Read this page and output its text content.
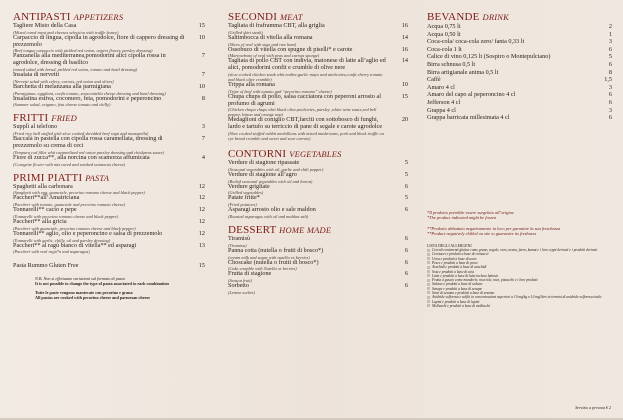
ANTIPASTI APPETIZERS
Tagliere Misto della Casa
(Mixed cured meat and cheeses selection with truffle honey)
15
Carpaccio di lingua, cipolla in agrodolce, fiore di cappero dressing di prezzemolo
(Beef tongue carpaccio with pickled red onion, capers flower, parsley dressing)
10
Panzanella alla mediterranea,pomodorini alici cipolla rossa in agrodolce, dressing di basilico
(mixed salad with bread, pickled red onion, tomato and basil dressing)
7
Insalata di nervetti
(Nervetti salad with celery, carrots, red onion and olives)
7
Barchetta di melanzana alla parmigiana
(Parmigiana, eggplant, confit tomato, stracciatella cheese dressing and basil dressing)
10
Insalatina estiva, cocomero, feta, pomodorini e peperoncino
(Summer salad, origano, feta cheese tomato and chilly)
8
FRITTI FRIED
Supplì al telefono
(Fried rice ball stuffed with slow cooked shredded beef ragù and mozzarella)
3
Baccalà in pastella con cipolla rossa caramellata, dressing di prezzemolo su crema di ceci
(Tempura cod fillet whit caramelized red onion parsley dressing and chickpeas sauce)
7
Fiore di zucca**, alla norcina con scamorza affumicata
(Courgette flower with miz cured and smoked scamorza cheese)
4
PRIMI PIATTI PASTA
Spaghetti alla carbonara
(Spaghetti with egg, guanciale, pecorino romano cheese and black pepper)
12
Paccheri**all’Amatriciana
(Paccheri with tomato, guanciale and pecorino romano cheese)
12
Tonnarelli** cacio e pepe
(Tonnarelli with pecorino romano cheese and black pepper)
12
Paccheri** alla gricia
(Paccheri with guanciale, pecorino romano cheese and black pepper)
12
Tonnarelli** aglio, olio e peperoncino e salsa di prezzemolo
(Tonnarelli with garlic, chilly, oil and parsley dressing)
12
Paccheri** al ragù bianco di vitella** ed asparagi
(Paccheri with veal ragù*n and asparagus)
13
Pasta Rummo Gluten Free	15
N.B. Non si effettuano variazioni sul formato di pasta
It is not possible to change the type of pasta associated to each combination
Tutte le paste vengono mantecate con pecorino e grana
All pastas are cooked with pecorino cheese and parmesan cheese
SECONDI MEAT
Tagliata di fraframma CBT, alla griglia
(Grilled skirt steak)
16
Saltimbocca di vitella alla romana
(Slices of veal with sage and raw ham)
14
Ossobuco di vitella con spugne di piselli* e carote
(Marrowbone of veal with peas and carrots sponge)
16
Tagliata di pollo CBT con indivia, maionese di latte all’aglio ed alici, pomodorini confit e crumble di olive nere
(slow cooked chicken steak whit endive,garlic mayo and anchovies,confit cherry tomato and black olive crumble)
14
Trippa alla romana
(Tripe of beef with tomato and “pecorino romano” cheese)
10
Chupa chups di pollo, salsa cacciatora con peperoni arrosto al profumo di agrumi
(Chicken chupa chups whit black olive,anchovies, parsley ,white wine sauce,red bell pepper, lemon and orange zest)
15
Medaglioni di coniglio CBT,farciti con sottobosco di funghi, lardo e tartufo su terriccio di pane di segale e carote agrodolce
(Slow cooked stuffed rabbit medallions with mixed mushrooms, pork and black truffle on rye bread crumble and sweet and sour carrots)
20
CONTORNI VEGETABLES
Verdure di stagione ripassate
(Seasonal vegetables with oil, garlic and chili pepper)
5
Verdure di stagione all’agro
(Boiled seasonal vegetables with oil and lemon)
5
Verdure grigliate
(Grilled vegetables)
6
Patate fritte*
(Fried potatoes)
5
Asparagi arrosto olio e sale maldon
(Roasted asparagus with oil and maldon salt)
6
DESSERT HOME MADE
Tiramisù
(Tiramisu)
6
Panna cotta (nutella o frutti di bosco*)
(cream milk and sugar with nutella or berries)
6
Choscake (nutella o frutti di bosco*)
(Cake crumble with Nutella or berries)
6
Frutta di stagione
(Season fruit)
6
Sorbetto
(Lemon sorbet)
6
BEVANDE DRINK
Acqua 0,75 lt	2
Acqua 0,50 lt	1
Coca-cola/ coca-cola zero/ fanta 0,33 lt	3
Coca-cola 1 lt	6
Calice di vino 0,125 lt (Sospiro o Montepulciano)	5
Birra schnusa 0,5 lt	6
Birra artigianale anima 0,5 lt	8
Caffè	1,5
Amaro 4 cl	3
Amaro del capo al peperoncino 4 cl	6
Jefferson 4 cl	6
Grappa 4 cl	3
Grappa barricata millesimata 4 cl	6
*Il prodotto potrebbe essere surgelato all’origine
*The product indicated might be frozen
**Prodotto abbattuto negativamente in loco per garantire la sua freschezza
**Product negatively chilled on site to guarantee its freshness
LISTA DEGLI ALLERGENI
Cereali contenenti glutine come grano, segale, orzo, avena, farro, kamut e i loro ceppi derivati e i prodotti derivati
Crostacei e prodotti a base di crostacei
Uova e prodotti a base di uova
Pesce e prodotti a base di pesce
Arachidi e prodotti a base di arachidi
Soia e prodotti a base di soia
Latte e prodotti a base di latte incluso lattosio
Frutta a guscio come mandorle, nocciole, noci, pistacchi e i loro prodotti
Sedano e prodotti a base di sedano
Senape e prodotti a base di senape
Semi di sesamo e prodotti a base di sesamo
Anidride solforosa e solfiti in concentrazioni superiori a 10 mg/kg o 10 mg/litro in termini di anidride solforosa totale
Lupini e prodotti a base di lupini
Molluschi e prodotti a base di molluschi
Servizio a persona € 2
